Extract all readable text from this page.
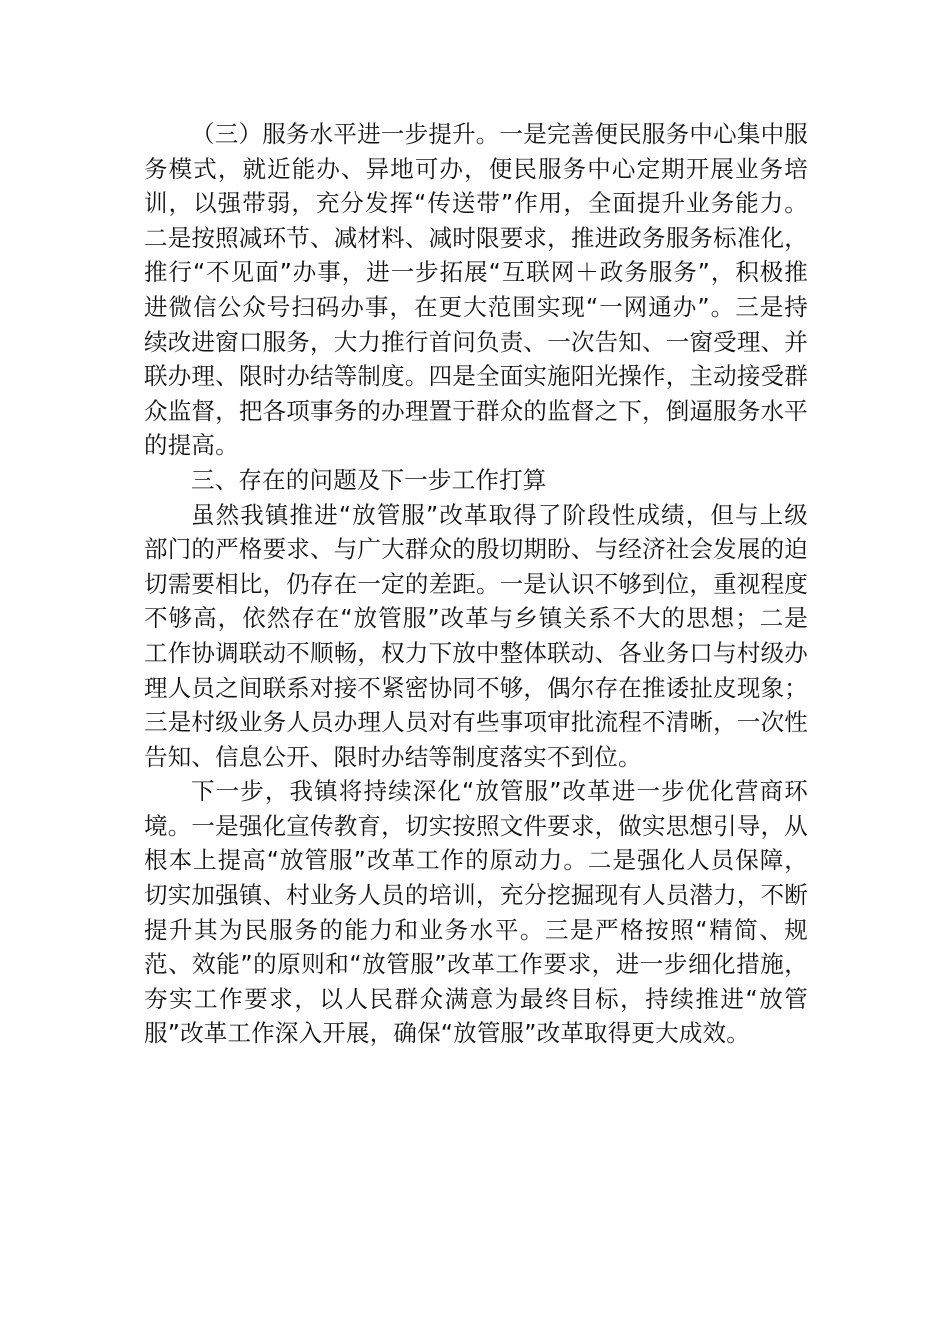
（三）服务水平进一步提升。一是完善便民服务中心集中服务模式，就近能办、异地可办，便民服务中心定期开展业务培训，以强带弱，充分发挥“传送带”作用，全面提升业务能力。二是按照减环节、减材料、减时限要求，推进政务服务标准化，推行“不见面”办事，进一步拓展“互联网＋政务服务”，积极推进微信公众号扫码办事，在更大范围实现“一网通办”。三是持续改进窗口服务，大力推行首问负责、一次告知、一窗受理、并联办理、限时办结等制度。四是全面实施阳光操作，主动接受群众监督，把各项事务的办理置于群众的监督之下，倒逼服务水平的提高。

三、存在的问题及下一步工作打算

虽然我镇推进“放管服”改革取得了阶段性成绩，但与上级部门的严格要求、与广大群众的殷切期盼、与经济社会发展的迫切需要相比，仍存在一定的差距。一是认识不够到位，重视程度不够高，依然存在“放管服”改革与乡镇关系不大的思想；二是工作协调联动不顺畅，权力下放中整体联动、各业务口与村级办理人员之间联系对接不紧密协同不够，偶尔存在推诿扯皮现象；三是村级业务人员办理人员对有些事项审批流程不清晰，一次性告知、信息公开、限时办结等制度落实不到位。

下一步，我镇将持续深化“放管服”改革进一步优化营商环境。一是强化宣传教育，切实按照文件要求，做实思想引导，从根本上提高“放管服”改革工作的原动力。二是强化人员保障，切实加强镇、村业务人员的培训，充分挖掘现有人员潜力，不断提升其为民服务的能力和业务水平。三是严格按照“精简、规范、效能”的原则和“放管服”改革工作要求，进一步细化措施，夯实工作要求，以人民群众满意为最终目标，持续推进“放管服”改革工作深入开展，确保“放管服”改革取得更大成效。
